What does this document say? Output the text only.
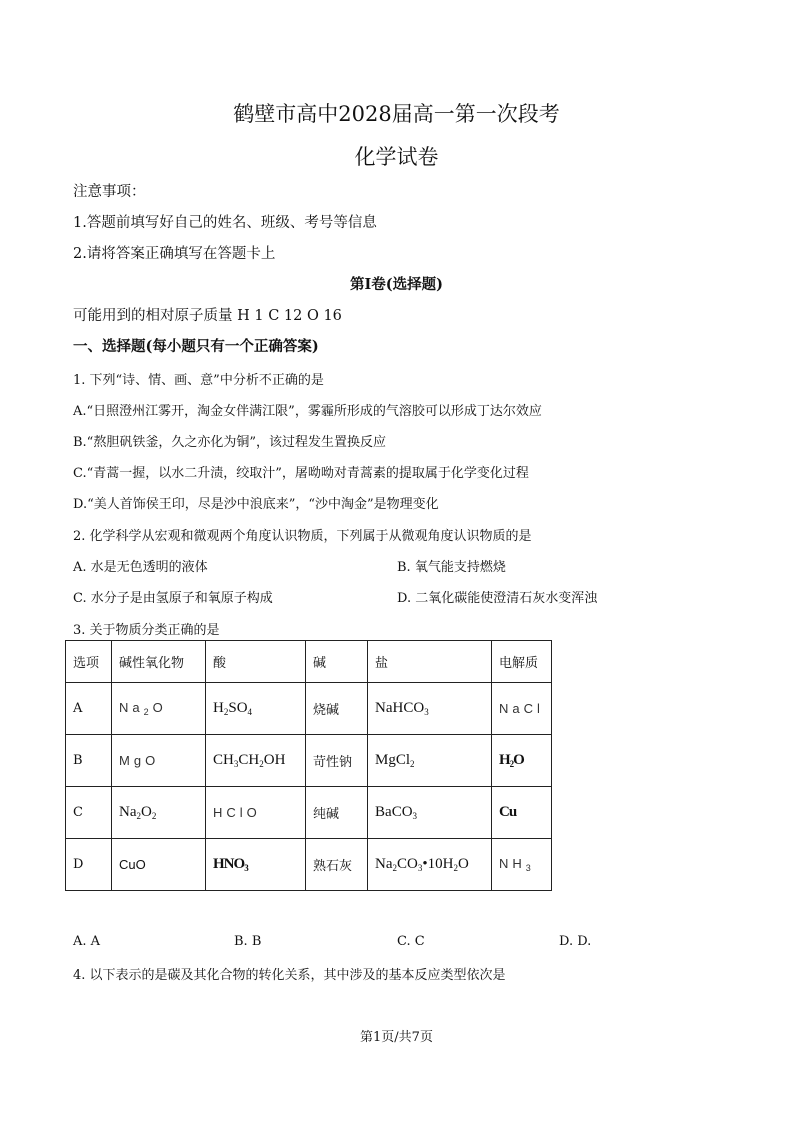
鹤壁市高中2028届高一第一次段考
化学试卷
注意事项：
1.答题前填写好自己的姓名、班级、考号等信息
2.请将答案正确填写在答题卡上
第I卷(选择题)
可能用到的相对原子质量 H 1 C 12 O 16
一、选择题(每小题只有一个正确答案)
1. 下列“诗、情、画、意”中分析不正确的是
A.“日照澄州江雾开，淘金女伴满江限”，雾霾所形成的气溶胶可以形成丁达尔效应
B.“熬胆矾铁釜，久之亦化为铜”，该过程发生置换反应
C.“青蒿一握，以水二升渍，绞取汁”，屠呦呦对青蒿素的提取属于化学变化过程
D.“美人首饰侯王印，尽是沙中浪底来”，“沙中淘金”是物理变化
2. 化学科学从宏观和微观两个角度认识物质，下列属于从微观角度认识物质的是
A. 水是无色透明的液体	B. 氧气能支持燃烧
C. 水分子是由氢原子和氧原子构成	D. 二氧化碳能使澄清石灰水变浑浊
3. 关于物质分类正确的是
选项	碱性氧化物	酸	碱	盐	电解质
A	$Na_2O$	$H_2SO_4$	烧碱	NaHCO$_3$	NaCl
B	MgO	$CH_3CH_2OH$	苛性钠	MgCl$_2$	$H_2O$
C	$Na_2O_2$	HClO	纯碱	BaCO$_3$	Cu
D	CuO	$HNO_3$	熟石灰	$Na_2CO_3•10H_2O$	$NH_3$
A. A	B. B	C. C	D. D.
4. 以下表示的是碳及其化合物的转化关系，其中涉及的基本反应类型依次是
第1页/共7页
